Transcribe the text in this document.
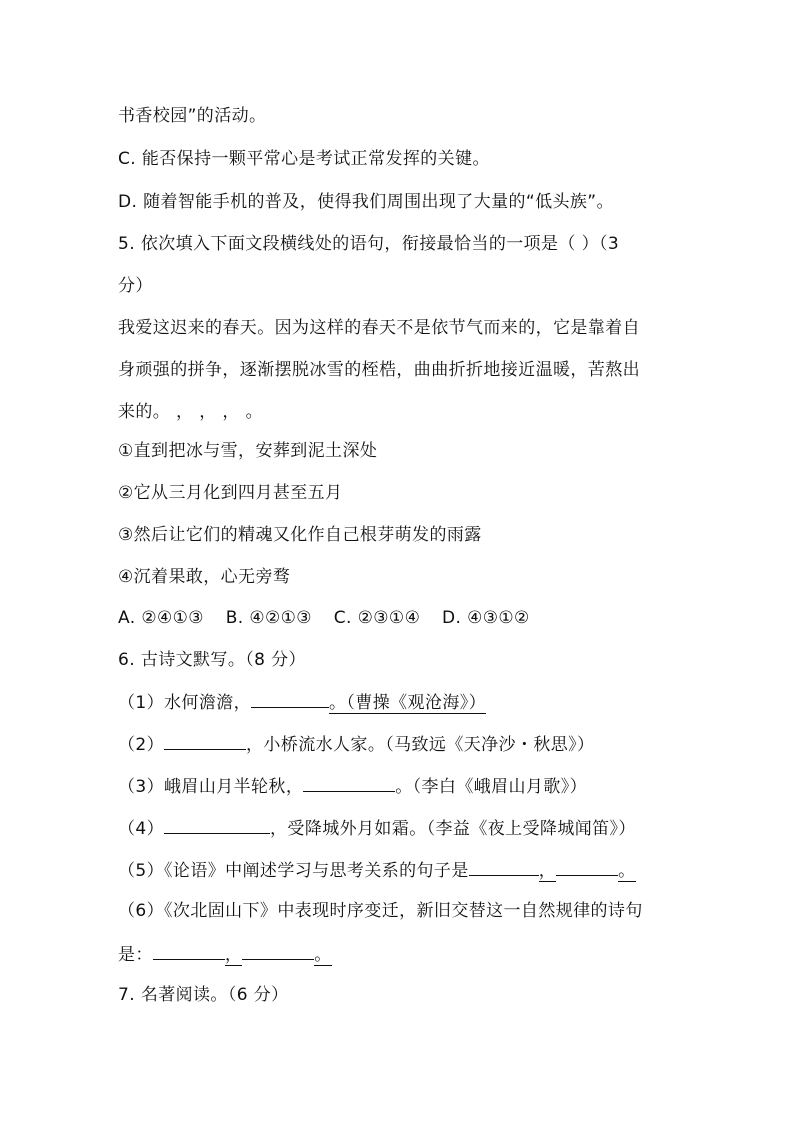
书香校园”的活动。
C. 能否保持一颗平常心是考试正常发挥的关键。
D. 随着智能手机的普及，使得我们周围出现了大量的“低头族”。
5. 依次填入下面文段横线处的语句，衔接最恰当的一项是（ ）（3
分）
我爱这迟来的春天。因为这样的春天不是依节气而来的，它是靠着自
身顽强的拼争，逐渐摆脱冰雪的桎梏，曲曲折折地接近温暖，苦熬出
来的。 ， ， ， 。
①直到把冰与雪，安葬到泥土深处
②它从三月化到四月甚至五月
③然后让它们的精魂又化作自己根芽萌发的雨露
④沉着果敢，心无旁骛
A. ②④①③ B. ④②①③ C. ②③①④ D. ④③①②
6. 古诗文默写。（8 分）
（1）水何澹澹，	。（曹操《观沧海》）
（2）	，小桥流水人家。（马致远《天净沙・秋思》）
（3）峨眉山月半轮秋，	。（李白《峨眉山月歌》）
（4）	，受降城外月如霜。（李益《夜上受降城闻笛》）
（5）《论语》中阐述学习与思考关系的句子是	，	。
（6）《次北固山下》中表现时序变迁，新旧交替这一自然规律的诗句
是：	，	。
7. 名著阅读。（6 分）
